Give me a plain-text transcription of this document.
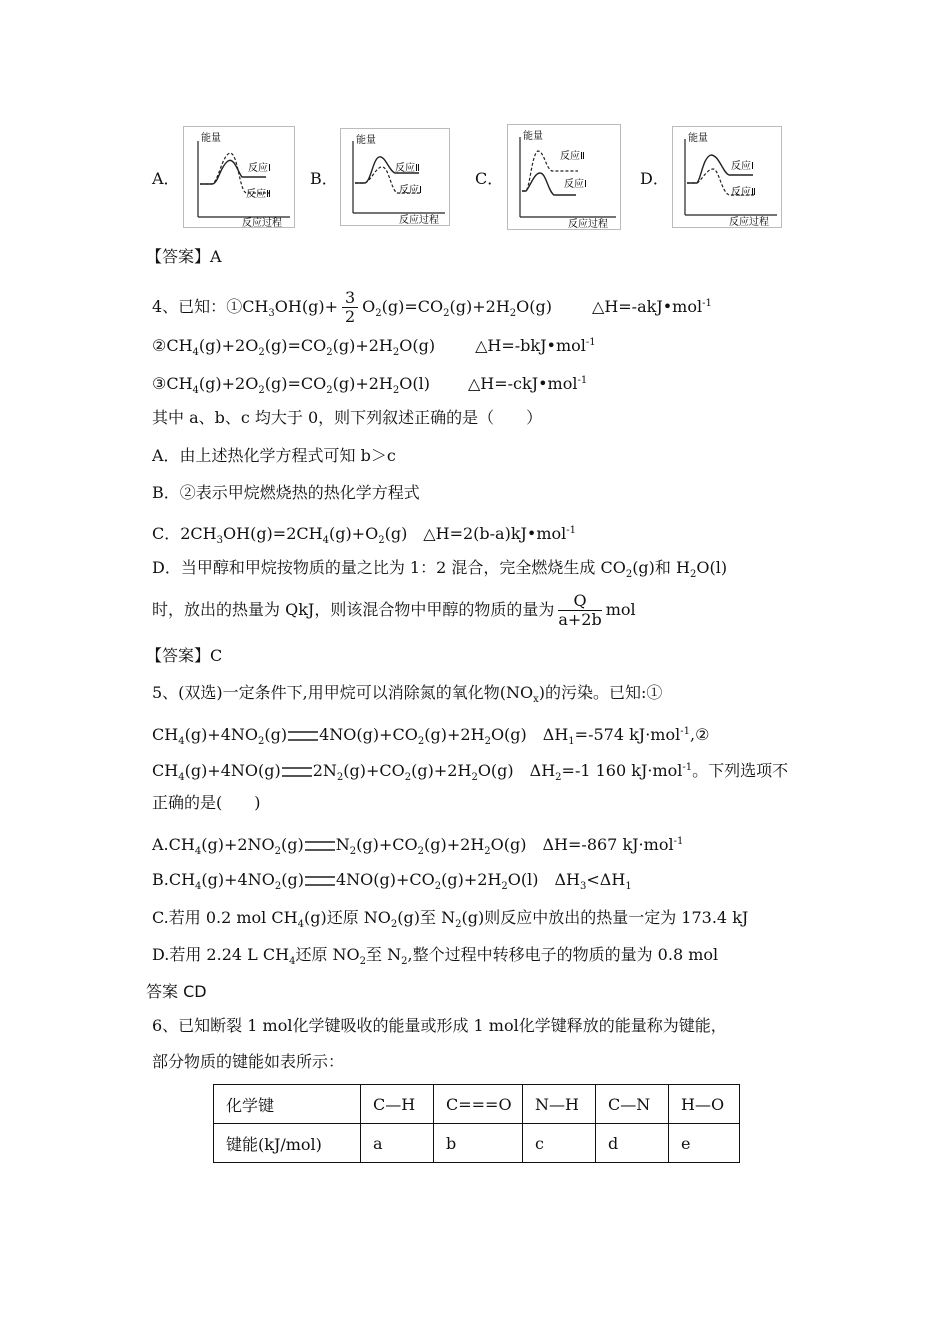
A．
能量
反应过程
反应Ⅰ
反应Ⅱ
B．
能量
反应过程
反应Ⅱ
反应Ⅰ
C．
能量
反应过程
反应Ⅱ
反应Ⅰ	D．
能量
反应过程
反应Ⅰ
反应Ⅱ
【答案】A
4、已知：$①CH_3OH(g)+ \frac{3}{2} O_2(g)=CO_2(g)+2H_2O(g)$	△H=-akJ•mol$^{-1}$
$②CH_4(g)+2O_2(g)=CO_2(g)+2H_2O(g)$	△H=-bkJ•mol$^{-1}$
$③CH_4(g)+2O_2(g)=CO_2(g)+2H_2O(l)$ △H=-ckJ•mol$^{-1}$
其中 a、b、c 均大于 0，则下列叙述正确的是（　　）
A．由上述热化学方程式可知 b＞c
B．②表示甲烷燃烧热的热化学方程式
C．$2CH_3OH(g)=2CH_4(g)+O_2(g)$　△H=2(b-a)kJ•mol$^{-1}$
D．当甲醇和甲烷按物质的量之比为 1：2 混合，完全燃烧生成 $CO_2(g)$和 $H_2O(l)$
时，放出的热量为 QkJ，则该混合物中甲醇的物质的量为 $\frac{Q}{a+2b}$ mol
【答案】C
5、(双选)一定条件下,用甲烷可以消除氮的氧化物$(NO_x)$的污染。已知:①
$CH_4(g)+4NO_2(g)$ $4NO(g)+CO_2(g)+2H_2O(g)$　$\Delta H_1=-574$ kJ·mol$^{-1}$,②
$CH_4(g)+4NO(g)$ $2N_2(g)+CO_2(g)+2H_2O(g)$　$\Delta H_2=-1$ 160 kJ·mol$^{-1}$。下列选项不
正确的是(　　)
$A.CH_4(g)+2NO_2(g)$ $N_2(g)+CO_2(g)+2H_2O(g)$　ΔH=-867 kJ·mol$^{-1}$
$B.CH_4(g)+4NO_2(g)$ $4NO(g)+CO_2(g)+2H_2O(l)$　$\Delta H_3<\Delta H_1$
C.若用 0.2 mol $CH_4(g)$还原 $NO_2(g)$至 $N_2(g)$则反应中放出的热量一定为 173.4 kJ
D.若用 2.24 L $CH_4$还原 $NO_2$至 $N_2$,整个过程中转移电子的物质的量为 0.8 mol
答案 CD
6、已知断裂 1 mol化学键吸收的能量或形成 1 mol化学键释放的能量称为键能，
部分物质的键能如表所示：
化学键	C—H	C===O	N—H	C—N	H—O
键能(kJ/mol)	a	b	c	d	e
